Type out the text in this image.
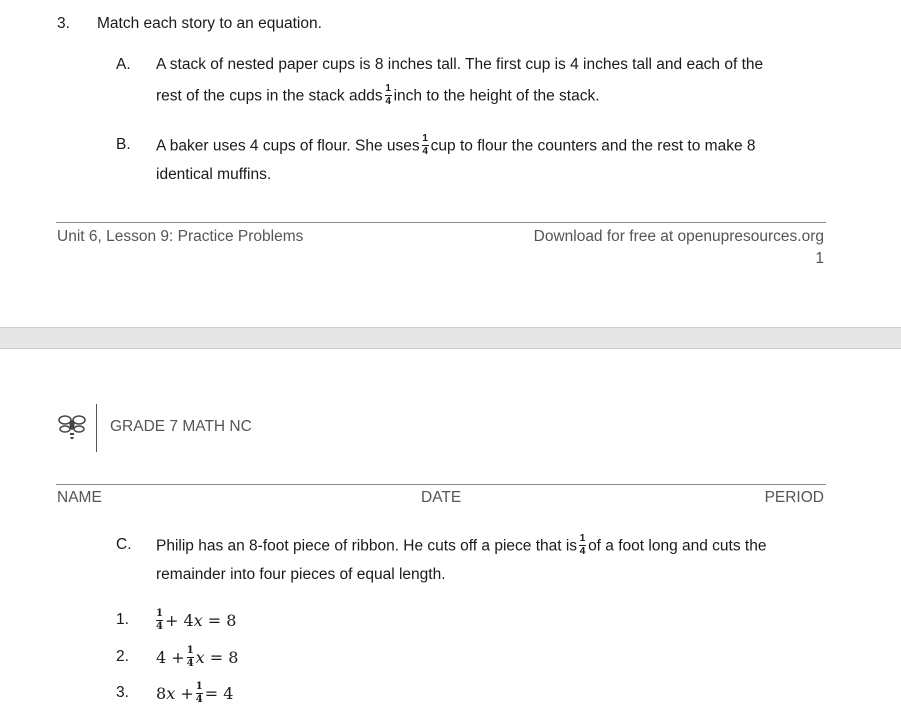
3. Match each story to an equation.
A. A stack of nested paper cups is 8 inches tall. The first cup is 4 inches tall and each of the
rest of the cups in the stack adds $\frac{1}{4}$ inch to the height of the stack.
B. A baker uses 4 cups of flour. She uses $\frac{1}{4}$ cup to flour the counters and the rest to make 8
identical muffins.
Unit 6, Lesson 9: Practice Problems	Download for free at openupresources.org
1
GRADE 7 MATH NC
NAME	DATE	PERIOD
C. Philip has an 8-foot piece of ribbon. He cuts off a piece that is $\frac{1}{4}$ of a foot long and cuts the
remainder into four pieces of equal length.
1.	$\frac{1}{4} + 4x = 8$
2. $4 + \frac{1}{4}$ x = 8
3. $8x + \frac{1}{4} = 4$
